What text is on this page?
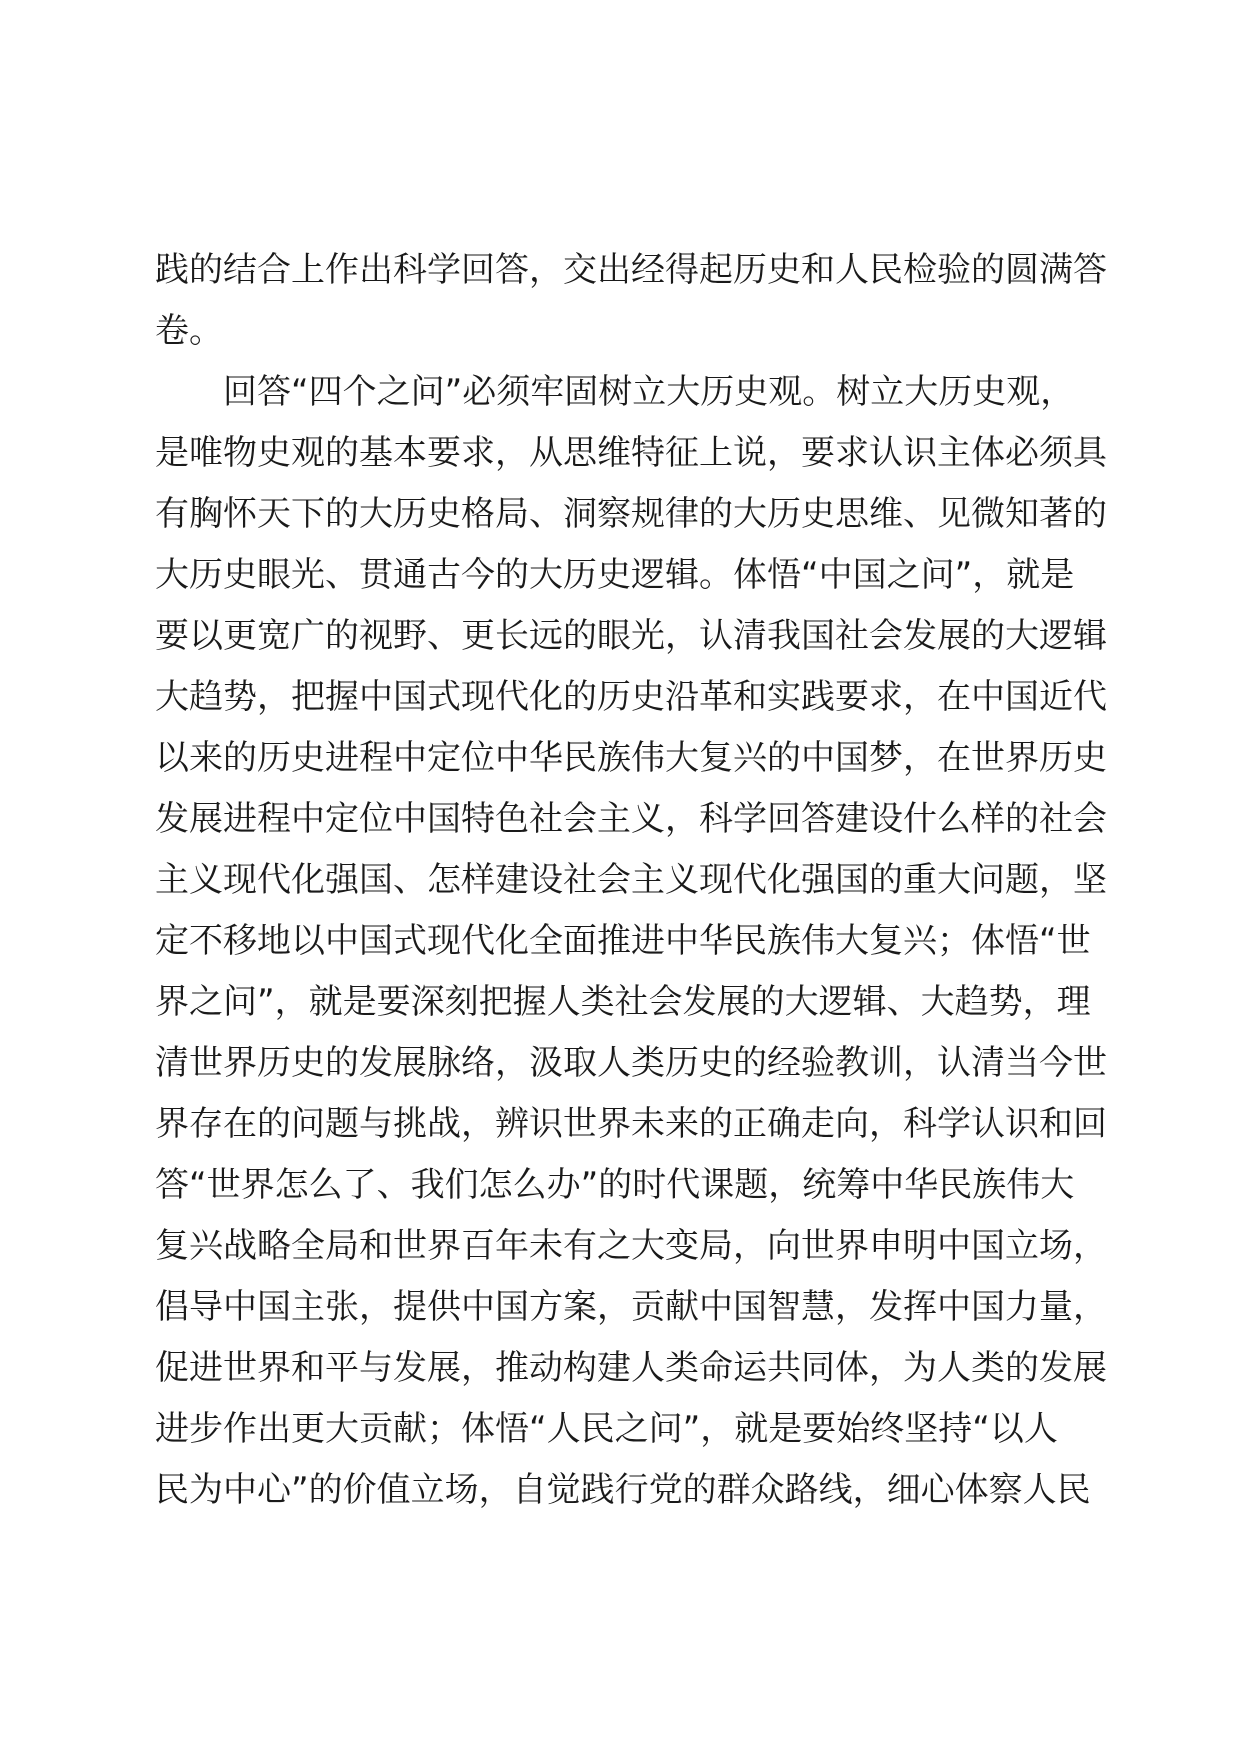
践的结合上作出科学回答，交出经得起历史和人民检验的圆满答
卷。
回答“四个之问”必须牢固树立大历史观。树立大历史观，
是唯物史观的基本要求，从思维特征上说，要求认识主体必须具
有胸怀天下的大历史格局、洞察规律的大历史思维、见微知著的
大历史眼光、贯通古今的大历史逻辑。体悟“中国之问”，就是
要以更宽广的视野、更长远的眼光，认清我国社会发展的大逻辑
大趋势，把握中国式现代化的历史沿革和实践要求，在中国近代
以来的历史进程中定位中华民族伟大复兴的中国梦，在世界历史
发展进程中定位中国特色社会主义，科学回答建设什么样的社会
主义现代化强国、怎样建设社会主义现代化强国的重大问题，坚
定不移地以中国式现代化全面推进中华民族伟大复兴；体悟“世
界之问”，就是要深刻把握人类社会发展的大逻辑、大趋势，理
清世界历史的发展脉络，汲取人类历史的经验教训，认清当今世
界存在的问题与挑战，辨识世界未来的正确走向，科学认识和回
答“世界怎么了、我们怎么办”的时代课题，统筹中华民族伟大
复兴战略全局和世界百年未有之大变局，向世界申明中国立场，
倡导中国主张，提供中国方案，贡献中国智慧，发挥中国力量，
促进世界和平与发展，推动构建人类命运共同体，为人类的发展
进步作出更大贡献；体悟“人民之问”，就是要始终坚持“以人
民为中心”的价值立场，自觉践行党的群众路线，细心体察人民
